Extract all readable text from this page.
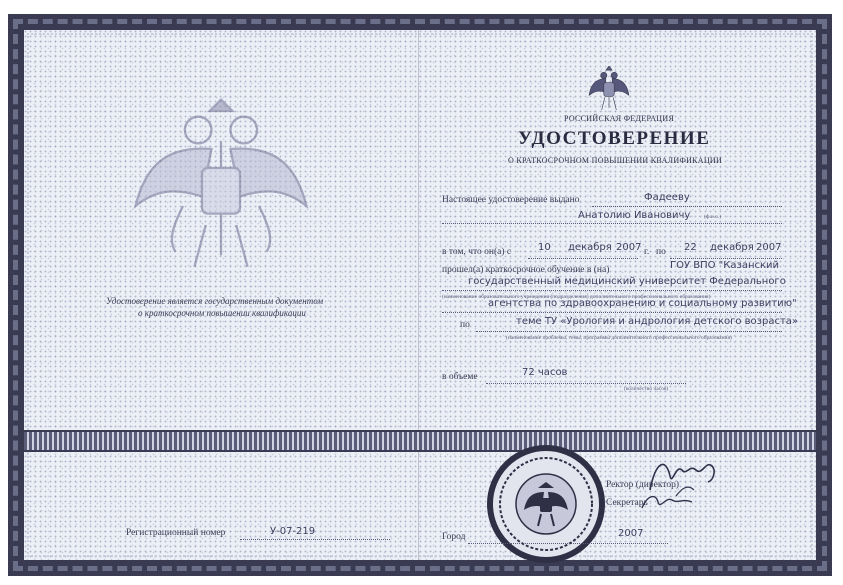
Удостоверение является государственным документом
о краткосрочном повышении квалификации
Регистрационный номер	У-07-219
РОССИЙСКАЯ ФЕДЕРАЦИЯ
УДОСТОВЕРЕНИЕ
О КРАТКОСРОЧНОМ ПОВЫШЕНИИ КВАЛИФИКАЦИИ
Настоящее удостоверение выдано	Фадееву
Анатолию Ивановичу (ф.и.о.)
в том, что он(а) с	10 декабря 2007 г. по 22 декабря 2007
прошел(а) краткосрочное обучение в (на)	ГОУ ВПО "Казанский
государственный медицинский университет Федерального
(наименование образовательного учреждения (подразделения) дополнительного профессионального образования)
агентства по здравоохранению и социальному развитию"
по	теме ТУ «Урология и андрология детского возраста»
(наименование проблемы, темы, программы дополнительного профессионального образования)
в объеме	72 часов
(количество часов)
Ректор (директор)
Секретарь
Город	2007
